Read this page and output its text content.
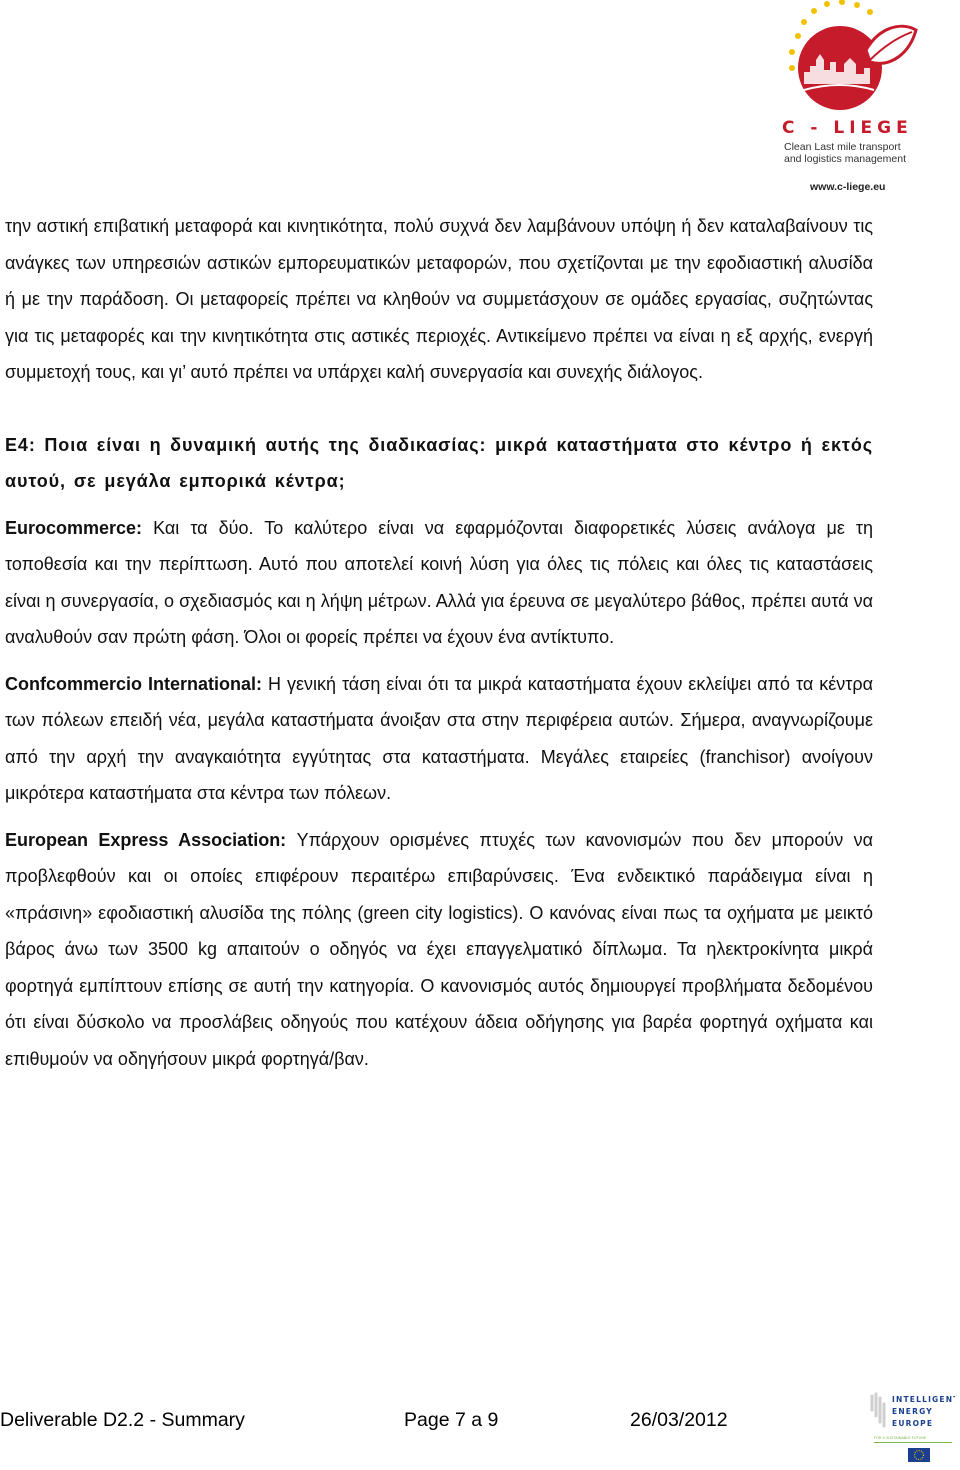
C - LIEGE
Clean Last mile transport
and logistics management
www.c-liege.eu

την αστική επιβατική μεταφορά και κινητικότητα, πολύ συχνά δεν λαμβάνουν υπόψη ή δεν καταλαβαίνουν τις ανάγκες των υπηρεσιών αστικών εμπορευματικών μεταφορών, που σχετίζονται με την εφοδιαστική αλυσίδα ή με την παράδοση. Οι μεταφορείς πρέπει να κληθούν να συμμετάσχουν σε ομάδες εργασίας, συζητώντας για τις μεταφορές και την κινητικότητα στις αστικές περιοχές. Αντικείμενο πρέπει να είναι η εξ αρχής, ενεργή συμμετοχή τους, και γι’ αυτό πρέπει να υπάρχει καλή συνεργασία και συνεχής διάλογος.

Ε4: Ποια είναι η δυναμική αυτής της διαδικασίας: μικρά καταστήματα στο κέντρο ή εκτός αυτού, σε μεγάλα εμπορικά κέντρα;

Eurocommerce: Και τα δύο. Το καλύτερο είναι να εφαρμόζονται διαφορετικές λύσεις ανάλογα με τη τοποθεσία και την περίπτωση. Αυτό που αποτελεί κοινή λύση για όλες τις πόλεις και όλες τις καταστάσεις είναι η συνεργασία, ο σχεδιασμός και η λήψη μέτρων. Αλλά για έρευνα σε μεγαλύτερο βάθος, πρέπει αυτά να αναλυθούν σαν πρώτη φάση. Όλοι οι φορείς πρέπει να έχουν ένα αντίκτυπο.

Confcommercio International: Η γενική τάση είναι ότι τα μικρά καταστήματα έχουν εκλείψει από τα κέντρα των πόλεων επειδή νέα, μεγάλα καταστήματα άνοιξαν στα στην περιφέρεια αυτών. Σήμερα, αναγνωρίζουμε από την αρχή την αναγκαιότητα εγγύτητας στα καταστήματα. Μεγάλες εταιρείες (franchisor) ανοίγουν μικρότερα καταστήματα στα κέντρα των πόλεων.

European Express Association: Υπάρχουν ορισμένες πτυχές των κανονισμών που δεν μπορούν να προβλεφθούν και οι οποίες επιφέρουν περαιτέρω επιβαρύνσεις. Ένα ενδεικτικό παράδειγμα είναι η «πράσινη» εφοδιαστική αλυσίδα της πόλης (green city logistics). Ο κανόνας είναι πως τα οχήματα με μεικτό βάρος άνω των 3500 kg απαιτούν ο οδηγός να έχει επαγγελματικό δίπλωμα. Τα ηλεκτροκίνητα μικρά φορτηγά εμπίπτουν επίσης σε αυτή την κατηγορία. Ο κανονισμός αυτός δημιουργεί προβλήματα δεδομένου ότι είναι δύσκολο να προσλάβεις οδηγούς που κατέχουν άδεια οδήγησης για βαρέα φορτηγά οχήματα και επιθυμούν να οδηγήσουν μικρά φορτηγά/βαν.

Deliverable D2.2 - Summary	Page 7 a 9	26/03/2012
INTELLIGENT
ENERGY
EUROPE
FOR A SUSTAINABLE FUTURE
